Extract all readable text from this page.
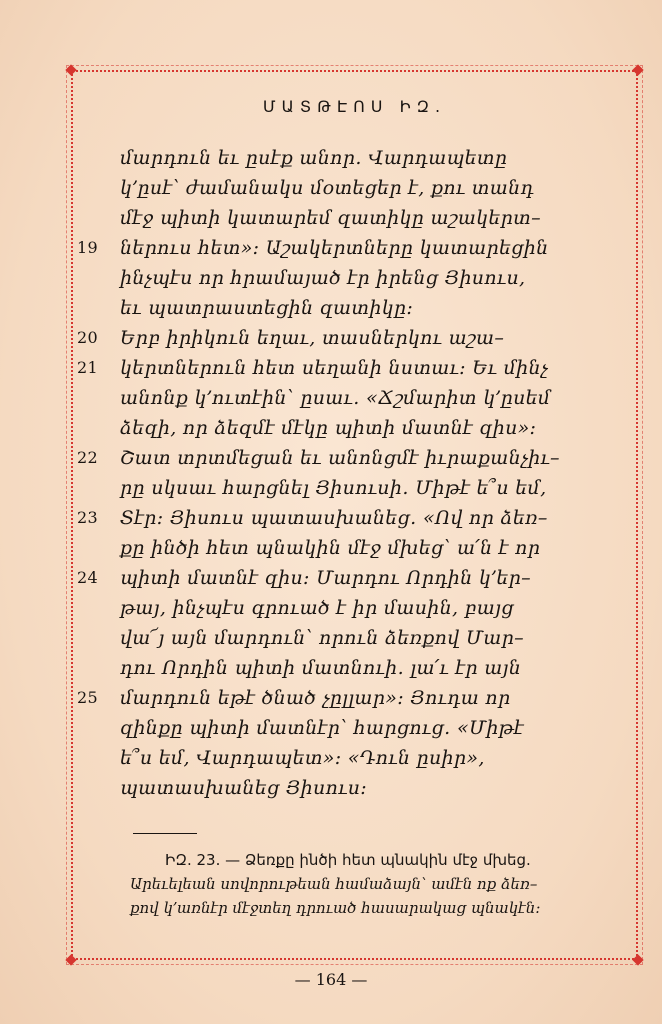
ՄԱՏԹԷՈՍ ԻԶ.
մարդուն եւ ըսէք անոր․ Վարդապետը
կ՚ըսէ՝ ժամանակս մօտեցեր է, քու տանդ
մէջ պիտի կատարեմ զատիկը աշակերտ–
19	ներուս հետ»։ Աշակերտները կատարեցին
ինչպէս որ հրամայած էր իրենց Յիսուս,
եւ պատրաստեցին զատիկը։
20	Երբ իրիկուն եղաւ, տասներկու աշա–
21	կերտներուն հետ սեղանի նստաւ։ Եւ մինչ
անոնք կ՚ուտէին՝ ըսաւ․ «Ճշմարիտ կ՚ըսեմ
ձեզի, որ ձեզմէ մէկը պիտի մատնէ զիս»։
22	Շատ տրտմեցան եւ անոնցմէ իւրաքանչիւ–
րը սկսաւ հարցնել Յիսուսի․ Միթէ ե՞ս եմ,
23	Տէր։ Յիսուս պատասխանեց․ «Ով որ ձեռ–
քը ինծի հետ պնակին մէջ մխեց՝ ա՛ն է որ
24	պիտի մատնէ զիս։ Մարդու Որդին կ՚եր–
թայ, ինչպէս գրուած է իր մասին, բայց
վա՜յ այն մարդուն՝ որուն ձեռքով Մար–
դու Որդին պիտի մատնուի․ լա՛ւ էր այն
25	մարդուն եթէ ծնած չըլլար»։ Յուդա որ
զինքը պիտի մատնէր՝ հարցուց․ «Միթէ
ե՞ս եմ, Վարդապետ»։ «Դուն ըսիր»,
պատասխանեց Յիսուս։
ԻԶ. 23. — Ձեռքը ինծի հետ պնակին մէջ մխեց.
Արեւելեան սովորութեան համաձայն՝ ամէն ոք ձեռ–
քով կ՚առնէր մէջտեղ դրուած հասարակաց պնակէն։
— 164 —
